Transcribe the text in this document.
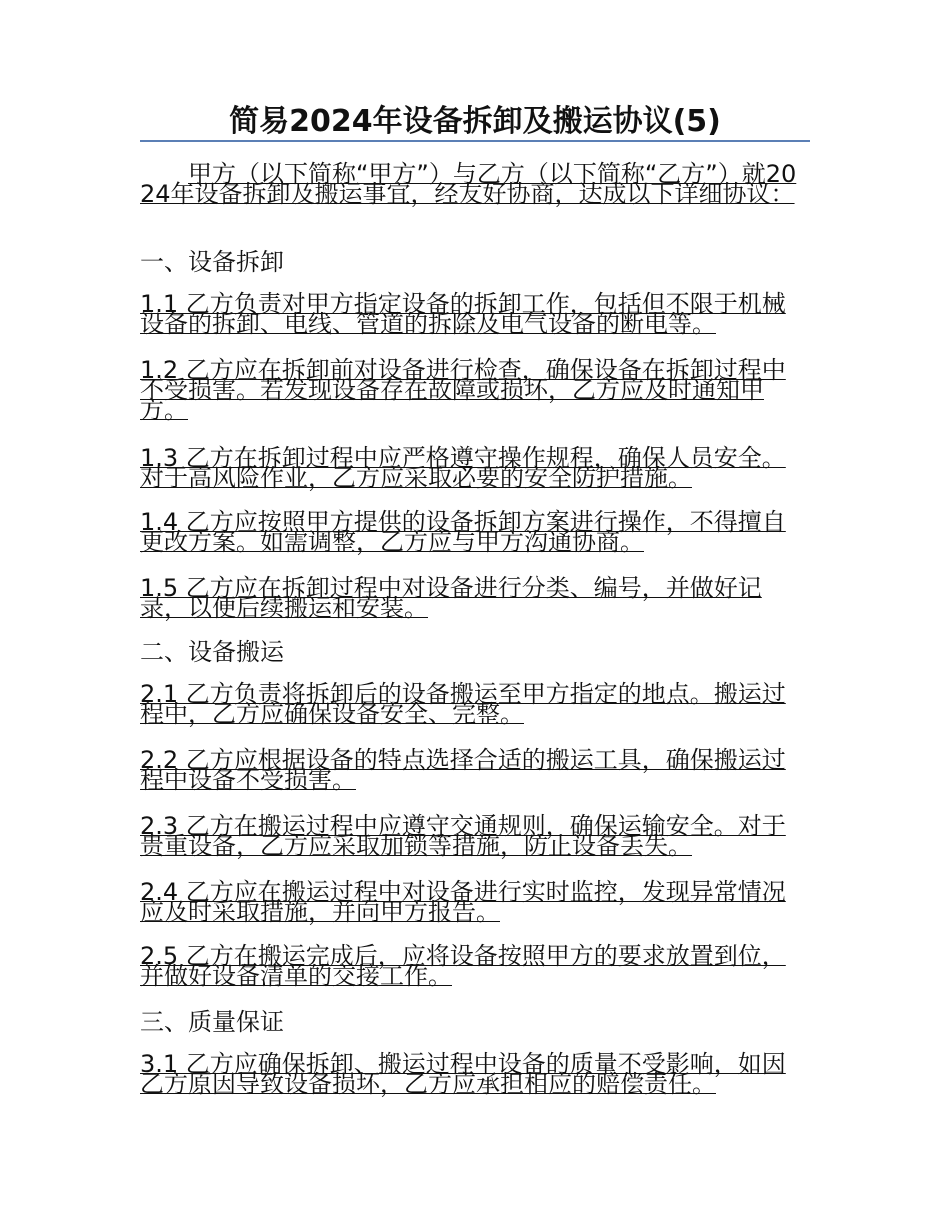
简易2024年设备拆卸及搬运协议(5)
甲方（以下简称“甲方”）与乙方（以下简称“乙方”）就2024年设备拆卸及搬运事宜，经友好协商，达成以下详细协议：
一、设备拆卸
1.1 乙方负责对甲方指定设备的拆卸工作，包括但不限于机械设备的拆卸、电线、管道的拆除及电气设备的断电等。
1.2 乙方应在拆卸前对设备进行检查，确保设备在拆卸过程中不受损害。若发现设备存在故障或损坏，乙方应及时通知甲方。
1.3 乙方在拆卸过程中应严格遵守操作规程，确保人员安全。对于高风险作业，乙方应采取必要的安全防护措施。
1.4 乙方应按照甲方提供的设备拆卸方案进行操作，不得擅自更改方案。如需调整，乙方应与甲方沟通协商。
1.5 乙方应在拆卸过程中对设备进行分类、编号，并做好记录，以便后续搬运和安装。
二、设备搬运
2.1 乙方负责将拆卸后的设备搬运至甲方指定的地点。搬运过程中，乙方应确保设备安全、完整。
2.2 乙方应根据设备的特点选择合适的搬运工具，确保搬运过程中设备不受损害。
2.3 乙方在搬运过程中应遵守交通规则，确保运输安全。对于贵重设备，乙方应采取加锁等措施，防止设备丢失。
2.4 乙方应在搬运过程中对设备进行实时监控，发现异常情况应及时采取措施，并向甲方报告。
2.5 乙方在搬运完成后，应将设备按照甲方的要求放置到位，并做好设备清单的交接工作。
三、质量保证
3.1 乙方应确保拆卸、搬运过程中设备的质量不受影响，如因乙方原因导致设备损坏，乙方应承担相应的赔偿责任。
